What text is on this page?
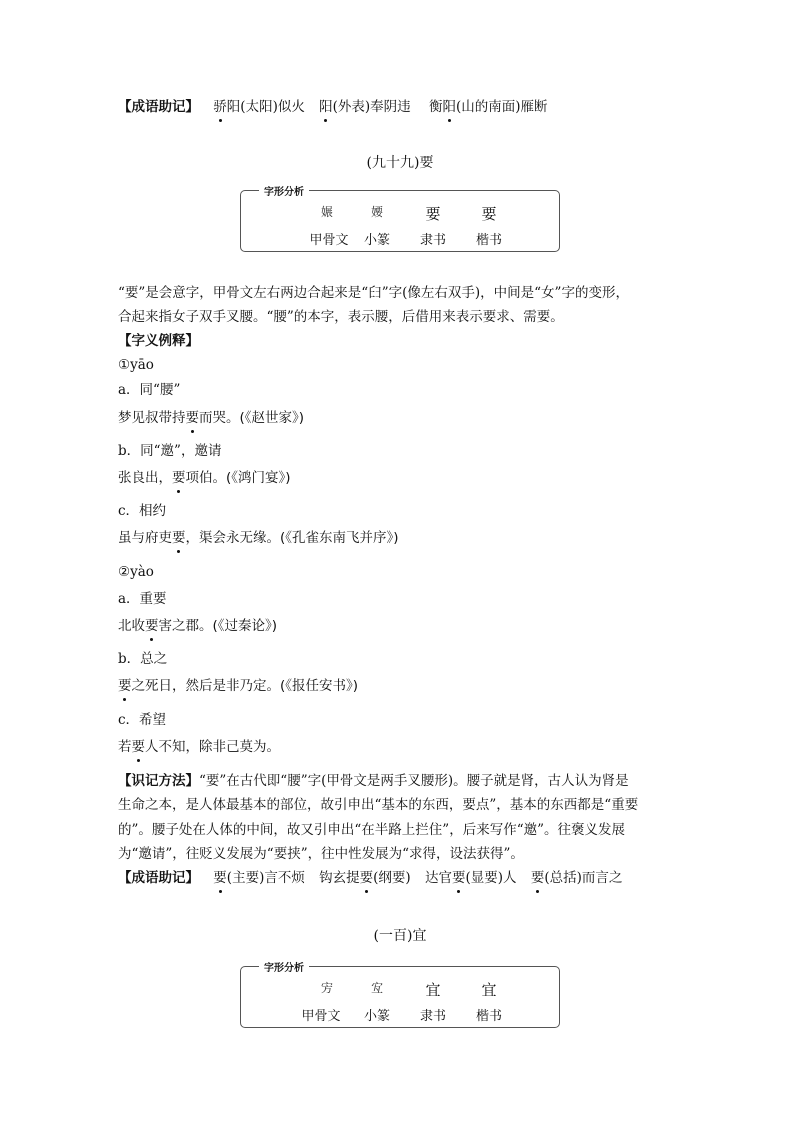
【成语助记】 骄阳(太阳)似火 阳(外表)奉阴违 衡阳(山的南面)雁断
(九十九)要
字形分析
㜊	婹	要	要
甲骨文	小篆	隶书	楷书
“要”是会意字，甲骨文左右两边合起来是“𦥑”字(像左右双手)，中间是“女”字的变形，
合起来指女子双手叉腰。“腰”的本字，表示腰，后借用来表示要求、需要。
【字义例释】
①yāo
a．同“腰”
梦见叔带持要而哭。(《赵世家》)
b．同“邀”，邀请
张良出，要项伯。(《鸿门宴》)
c．相约
虽与府吏要，渠会永无缘。(《孔雀东南飞并序》)
②yào
a．重要
北收要害之郡。(《过秦论》)
b．总之
要之死日，然后是非乃定。(《报任安书》)
c．希望
若要人不知，除非己莫为。
【识记方法】“要”在古代即“腰”字(甲骨文是两手叉腰形)。腰子就是肾，古人认为肾是
生命之本，是人体最基本的部位，故引申出“基本的东西，要点”，基本的东西都是“重要
的”。腰子处在人体的中间，故又引申出“在半路上拦住”，后来写作“邀”。往褒义发展
为“邀请”，往贬义发展为“要挟”，往中性发展为“求得，设法获得”。
【成语助记】 要(主要)言不烦 钩玄提要(纲要) 达官要(显要)人 要(总括)而言之
(一百)宜
字形分析
㝑	宐	宜	宜
甲骨文	小篆	隶书	楷书
